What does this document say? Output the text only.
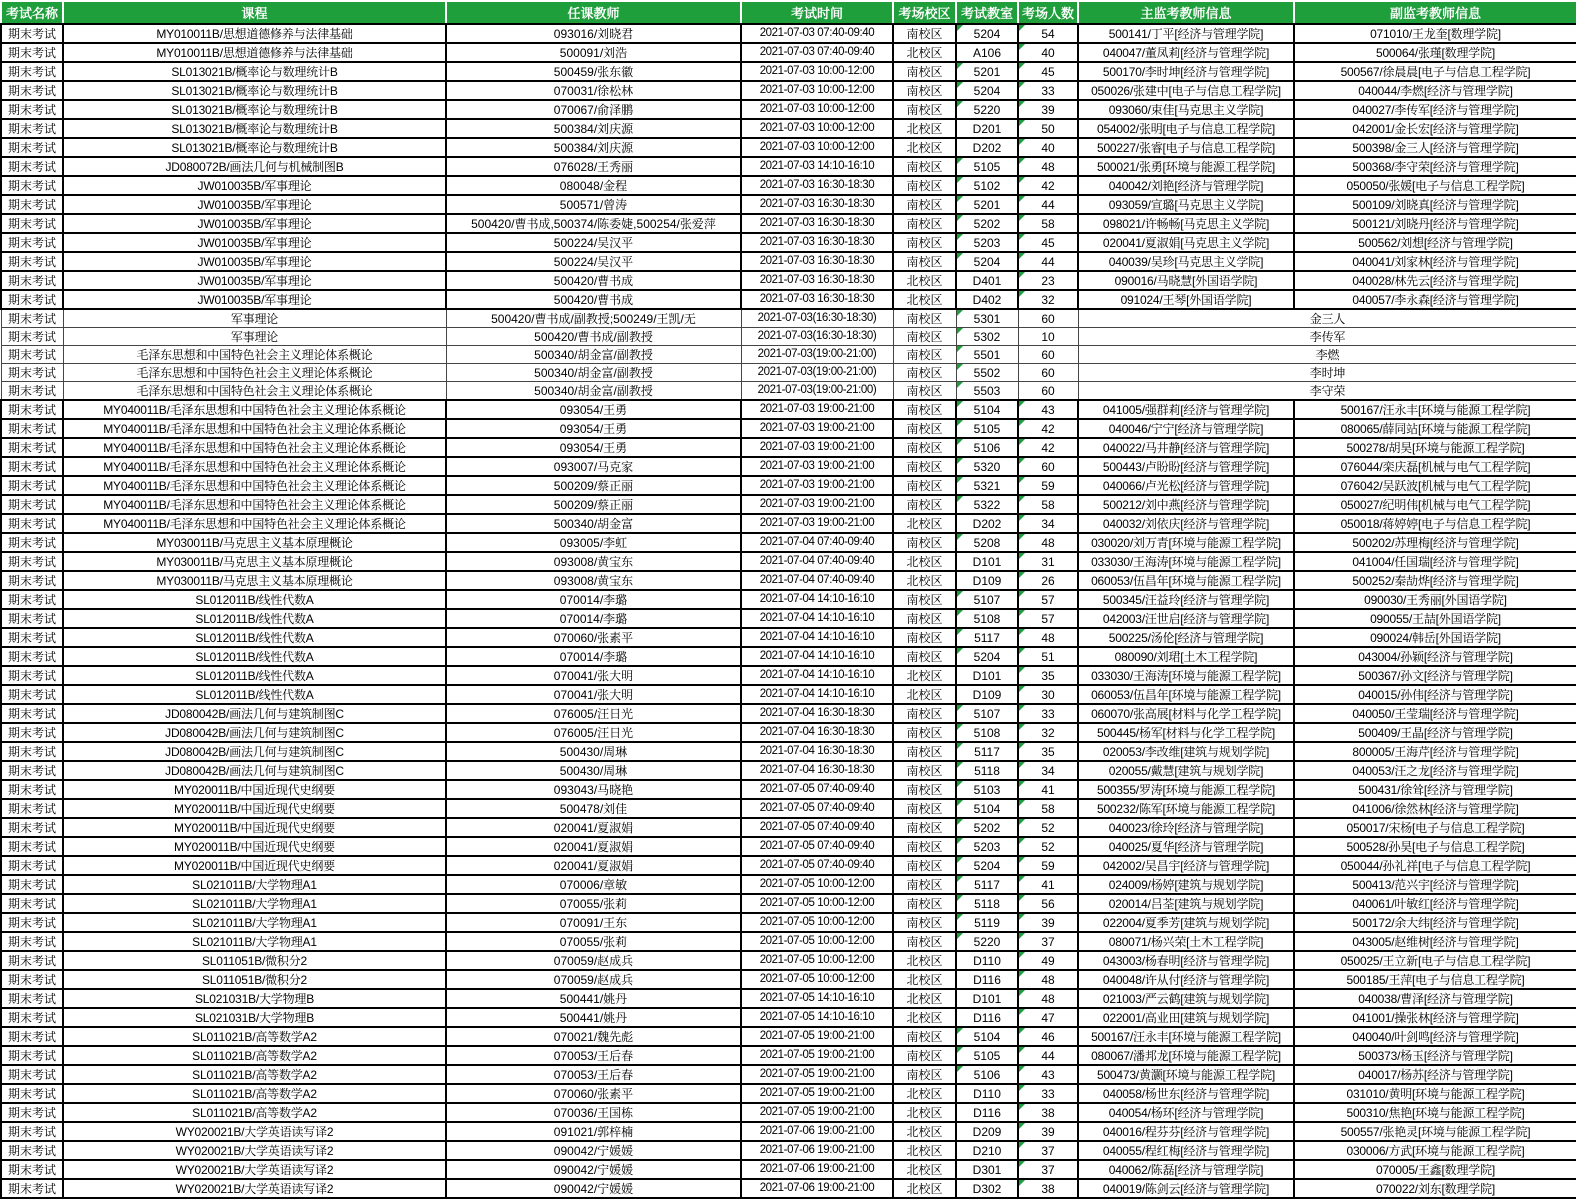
考试名称	课程	任课教师	考试时间	考场校区	考试教室	考场人数	主监考教师信息	副监考教师信息
期末考试	MY010011B/思想道德修养与法律基础	093016/刘晓君	2021-07-03 07:40-09:40	南校区	5204	54	500141/丁平[经济与管理学院]	071010/王龙奎[数理学院]
期末考试	MY010011B/思想道德修养与法律基础	500091/刘浩	2021-07-03 07:40-09:40	北校区	A106	40	040047/董凤莉[经济与管理学院]	500064/张瑾[数理学院]
期末考试	SL013021B/概率论与数理统计B	500459/张东徽	2021-07-03 10:00-12:00	南校区	5201	45	500170/李时坤[经济与管理学院]	500567/徐晨晨[电子与信息工程学院]
期末考试	SL013021B/概率论与数理统计B	070031/徐松林	2021-07-03 10:00-12:00	南校区	5204	33	050026/张建中[电子与信息工程学院]	040044/李燃[经济与管理学院]
期末考试	SL013021B/概率论与数理统计B	070067/俞泽鹏	2021-07-03 10:00-12:00	南校区	5220	39	093060/束佳[马克思主义学院]	040027/李传军[经济与管理学院]
期末考试	SL013021B/概率论与数理统计B	500384/刘庆源	2021-07-03 10:00-12:00	北校区	D201	50	054002/张明[电子与信息工程学院]	042001/金长宏[经济与管理学院]
期末考试	SL013021B/概率论与数理统计B	500384/刘庆源	2021-07-03 10:00-12:00	北校区	D202	40	500227/张睿[电子与信息工程学院]	500398/金三人[经济与管理学院]
期末考试	JD080072B/画法几何与机械制图B	076028/王秀丽	2021-07-03 14:10-16:10	南校区	5105	48	500021/张勇[环境与能源工程学院]	500368/李守荣[经济与管理学院]
期末考试	JW010035B/军事理论	080048/金程	2021-07-03 16:30-18:30	南校区	5102	42	040042/刘艳[经济与管理学院]	050050/张媛[电子与信息工程学院]
期末考试	JW010035B/军事理论	500571/曾涛	2021-07-03 16:30-18:30	南校区	5201	44	093059/宣璐[马克思主义学院]	500109/刘晓真[经济与管理学院]
期末考试	JW010035B/军事理论	500420/曹书成,500374/陈委婕,500254/张爱萍	2021-07-03 16:30-18:30	南校区	5202	58	098021/许畅畅[马克思主义学院]	500121/刘晓丹[经济与管理学院]
期末考试	JW010035B/军事理论	500224/吴汉平	2021-07-03 16:30-18:30	南校区	5203	45	020041/夏淑娟[马克思主义学院]	500562/刘想[经济与管理学院]
期末考试	JW010035B/军事理论	500224/吴汉平	2021-07-03 16:30-18:30	南校区	5204	44	040039/吴珍[马克思主义学院]	040041/刘家林[经济与管理学院]
期末考试	JW010035B/军事理论	500420/曹书成	2021-07-03 16:30-18:30	北校区	D401	23	090016/马晓慧[外国语学院]	040028/林先云[经济与管理学院]
期末考试	JW010035B/军事理论	500420/曹书成	2021-07-03 16:30-18:30	北校区	D402	32	091024/王琴[外国语学院]	040057/李永森[经济与管理学院]
期末考试	军事理论	500420/曹书成/副教授;500249/王凯/无	2021-07-03(16:30-18:30)	南校区	5301	60	金三人	
期末考试	军事理论	500420/曹书成/副教授	2021-07-03(16:30-18:30)	南校区	5302	10	李传军	
期末考试	毛泽东思想和中国特色社会主义理论体系概论	500340/胡金富/副教授	2021-07-03(19:00-21:00)	南校区	5501	60	李燃	
期末考试	毛泽东思想和中国特色社会主义理论体系概论	500340/胡金富/副教授	2021-07-03(19:00-21:00)	南校区	5502	60	李时坤	
期末考试	毛泽东思想和中国特色社会主义理论体系概论	500340/胡金富/副教授	2021-07-03(19:00-21:00)	南校区	5503	60	李守荣	
期末考试	MY040011B/毛泽东思想和中国特色社会主义理论体系概论	093054/王勇	2021-07-03 19:00-21:00	南校区	5104	43	041005/强群莉[经济与管理学院]	500167/汪永丰[环境与能源工程学院]
期末考试	MY040011B/毛泽东思想和中国特色社会主义理论体系概论	093054/王勇	2021-07-03 19:00-21:00	南校区	5105	42	040046/宁宁[经济与管理学院]	080065/薛同站[环境与能源工程学院]
期末考试	MY040011B/毛泽东思想和中国特色社会主义理论体系概论	093054/王勇	2021-07-03 19:00-21:00	南校区	5106	42	040022/马井静[经济与管理学院]	500278/胡昊[环境与能源工程学院]
期末考试	MY040011B/毛泽东思想和中国特色社会主义理论体系概论	093007/马克家	2021-07-03 19:00-21:00	南校区	5320	60	500443/卢盼盼[经济与管理学院]	076044/栾庆磊[机械与电气工程学院]
期末考试	MY040011B/毛泽东思想和中国特色社会主义理论体系概论	500209/蔡正丽	2021-07-03 19:00-21:00	南校区	5321	59	040066/卢光松[经济与管理学院]	076042/吴跃波[机械与电气工程学院]
期末考试	MY040011B/毛泽东思想和中国特色社会主义理论体系概论	500209/蔡正丽	2021-07-03 19:00-21:00	南校区	5322	58	500212/刘中燕[经济与管理学院]	050027/纪明伟[机械与电气工程学院]
期末考试	MY040011B/毛泽东思想和中国特色社会主义理论体系概论	500340/胡金富	2021-07-03 19:00-21:00	北校区	D202	34	040032/刘依庆[经济与管理学院]	050018/蒋婷婷[电子与信息工程学院]
期末考试	MY030011B/马克思主义基本原理概论	093005/李虹	2021-07-04 07:40-09:40	南校区	5208	48	030020/刘万青[环境与能源工程学院]	500202/苏理梅[经济与管理学院]
期末考试	MY030011B/马克思主义基本原理概论	093008/黄宝东	2021-07-04 07:40-09:40	北校区	D101	31	033030/王海涛[环境与能源工程学院]	041004/任国瑞[经济与管理学院]
期末考试	MY030011B/马克思主义基本原理概论	093008/黄宝东	2021-07-04 07:40-09:40	北校区	D109	26	060053/伍昌年[环境与能源工程学院]	500252/秦劼烨[经济与管理学院]
期末考试	SL012011B/线性代数A	070014/李璐	2021-07-04 14:10-16:10	南校区	5107	57	500345/汪益玲[经济与管理学院]	090030/王秀丽[外国语学院]
期末考试	SL012011B/线性代数A	070014/李璐	2021-07-04 14:10-16:10	南校区	5108	57	042003/汪世启[经济与管理学院]	090055/王喆[外国语学院]
期末考试	SL012011B/线性代数A	070060/张素平	2021-07-04 14:10-16:10	南校区	5117	48	500225/汤伦[经济与管理学院]	090024/韩岳[外国语学院]
期末考试	SL012011B/线性代数A	070014/李璐	2021-07-04 14:10-16:10	南校区	5204	51	080090/刘珺[土木工程学院]	043004/孙颖[经济与管理学院]
期末考试	SL012011B/线性代数A	070041/张大明	2021-07-04 14:10-16:10	北校区	D101	35	033030/王海涛[环境与能源工程学院]	500367/孙文[经济与管理学院]
期末考试	SL012011B/线性代数A	070041/张大明	2021-07-04 14:10-16:10	北校区	D109	30	060053/伍昌年[环境与能源工程学院]	040015/孙伟[经济与管理学院]
期末考试	JD080042B/画法几何与建筑制图C	076005/汪日光	2021-07-04 16:30-18:30	南校区	5107	33	060070/张高展[材料与化学工程学院]	040050/王莹瑞[经济与管理学院]
期末考试	JD080042B/画法几何与建筑制图C	076005/汪日光	2021-07-04 16:30-18:30	南校区	5108	32	500445/杨军[材料与化学工程学院]	500409/王晶[经济与管理学院]
期末考试	JD080042B/画法几何与建筑制图C	500430/周琳	2021-07-04 16:30-18:30	南校区	5117	35	020053/李改维[建筑与规划学院]	800005/王海芹[经济与管理学院]
期末考试	JD080042B/画法几何与建筑制图C	500430/周琳	2021-07-04 16:30-18:30	南校区	5118	34	020055/戴慧[建筑与规划学院]	040053/汪之龙[经济与管理学院]
期末考试	MY020011B/中国近现代史纲要	093043/马晓艳	2021-07-05 07:40-09:40	南校区	5103	41	500355/罗涛[环境与能源工程学院]	500431/徐耸[经济与管理学院]
期末考试	MY020011B/中国近现代史纲要	500478/刘佳	2021-07-05 07:40-09:40	南校区	5104	58	500232/陈军[环境与能源工程学院]	041006/徐然林[经济与管理学院]
期末考试	MY020011B/中国近现代史纲要	020041/夏淑娟	2021-07-05 07:40-09:40	南校区	5202	52	040023/徐玲[经济与管理学院]	050017/宋杨[电子与信息工程学院]
期末考试	MY020011B/中国近现代史纲要	020041/夏淑娟	2021-07-05 07:40-09:40	南校区	5203	52	040025/夏华[经济与管理学院]	500528/孙昊[电子与信息工程学院]
期末考试	MY020011B/中国近现代史纲要	020041/夏淑娟	2021-07-05 07:40-09:40	南校区	5204	59	042002/吴昌宇[经济与管理学院]	050044/孙礼祥[电子与信息工程学院]
期末考试	SL021011B/大学物理A1	070006/章敏	2021-07-05 10:00-12:00	南校区	5117	41	024009/杨婷[建筑与规划学院]	500413/范兴宇[经济与管理学院]
期末考试	SL021011B/大学物理A1	070055/张莉	2021-07-05 10:00-12:00	南校区	5118	56	020014/吕荃[建筑与规划学院]	040061/叶敏红[经济与管理学院]
期末考试	SL021011B/大学物理A1	070091/王东	2021-07-05 10:00-12:00	南校区	5119	39	022004/夏季芳[建筑与规划学院]	500172/余大纬[经济与管理学院]
期末考试	SL021011B/大学物理A1	070055/张莉	2021-07-05 10:00-12:00	南校区	5220	37	080071/杨兴荣[土木工程学院]	043005/赵维树[经济与管理学院]
期末考试	SL011051B/微积分2	070059/赵成兵	2021-07-05 10:00-12:00	北校区	D110	49	043003/杨春明[经济与管理学院]	050025/王立新[电子与信息工程学院]
期末考试	SL011051B/微积分2	070059/赵成兵	2021-07-05 10:00-12:00	北校区	D116	48	040048/许从付[经济与管理学院]	500185/王萍[电子与信息工程学院]
期末考试	SL021031B/大学物理B	500441/姚丹	2021-07-05 14:10-16:10	北校区	D101	48	021003/严云鹤[建筑与规划学院]	040038/曹泽[经济与管理学院]
期末考试	SL021031B/大学物理B	500441/姚丹	2021-07-05 14:10-16:10	北校区	D116	47	022001/高业田[建筑与规划学院]	041001/操张林[经济与管理学院]
期末考试	SL011021B/高等数学A2	070021/魏先彪	2021-07-05 19:00-21:00	南校区	5104	46	500167/汪永丰[环境与能源工程学院]	040040/叶剑鸣[经济与管理学院]
期末考试	SL011021B/高等数学A2	070053/王后春	2021-07-05 19:00-21:00	南校区	5105	44	080067/潘邦龙[环境与能源工程学院]	500373/杨玉[经济与管理学院]
期末考试	SL011021B/高等数学A2	070053/王后春	2021-07-05 19:00-21:00	南校区	5106	43	500473/黄灏[环境与能源工程学院]	040017/杨苏[经济与管理学院]
期末考试	SL011021B/高等数学A2	070060/张素平	2021-07-05 19:00-21:00	北校区	D110	33	040058/杨世东[经济与管理学院]	031010/黄明[环境与能源工程学院]
期末考试	SL011021B/高等数学A2	070036/王国栋	2021-07-05 19:00-21:00	北校区	D116	38	040054/杨环[经济与管理学院]	500310/焦艳[环境与能源工程学院]
期末考试	WY020021B/大学英语读写译2	091021/郭梓楠	2021-07-06 19:00-21:00	北校区	D209	39	040016/程芬芬[经济与管理学院]	500557/张艳灵[环境与能源工程学院]
期末考试	WY020021B/大学英语读写译2	090042/宁媛媛	2021-07-06 19:00-21:00	北校区	D210	37	040055/程红梅[经济与管理学院]	030006/方武[环境与能源工程学院]
期末考试	WY020021B/大学英语读写译2	090042/宁媛媛	2021-07-06 19:00-21:00	北校区	D301	37	040062/陈磊[经济与管理学院]	070005/王鑫[数理学院]
期末考试	WY020021B/大学英语读写译2	090042/宁媛媛	2021-07-06 19:00-21:00	北校区	D302	38	040019/陈剑云[经济与管理学院]	070022/刘东[数理学院]
